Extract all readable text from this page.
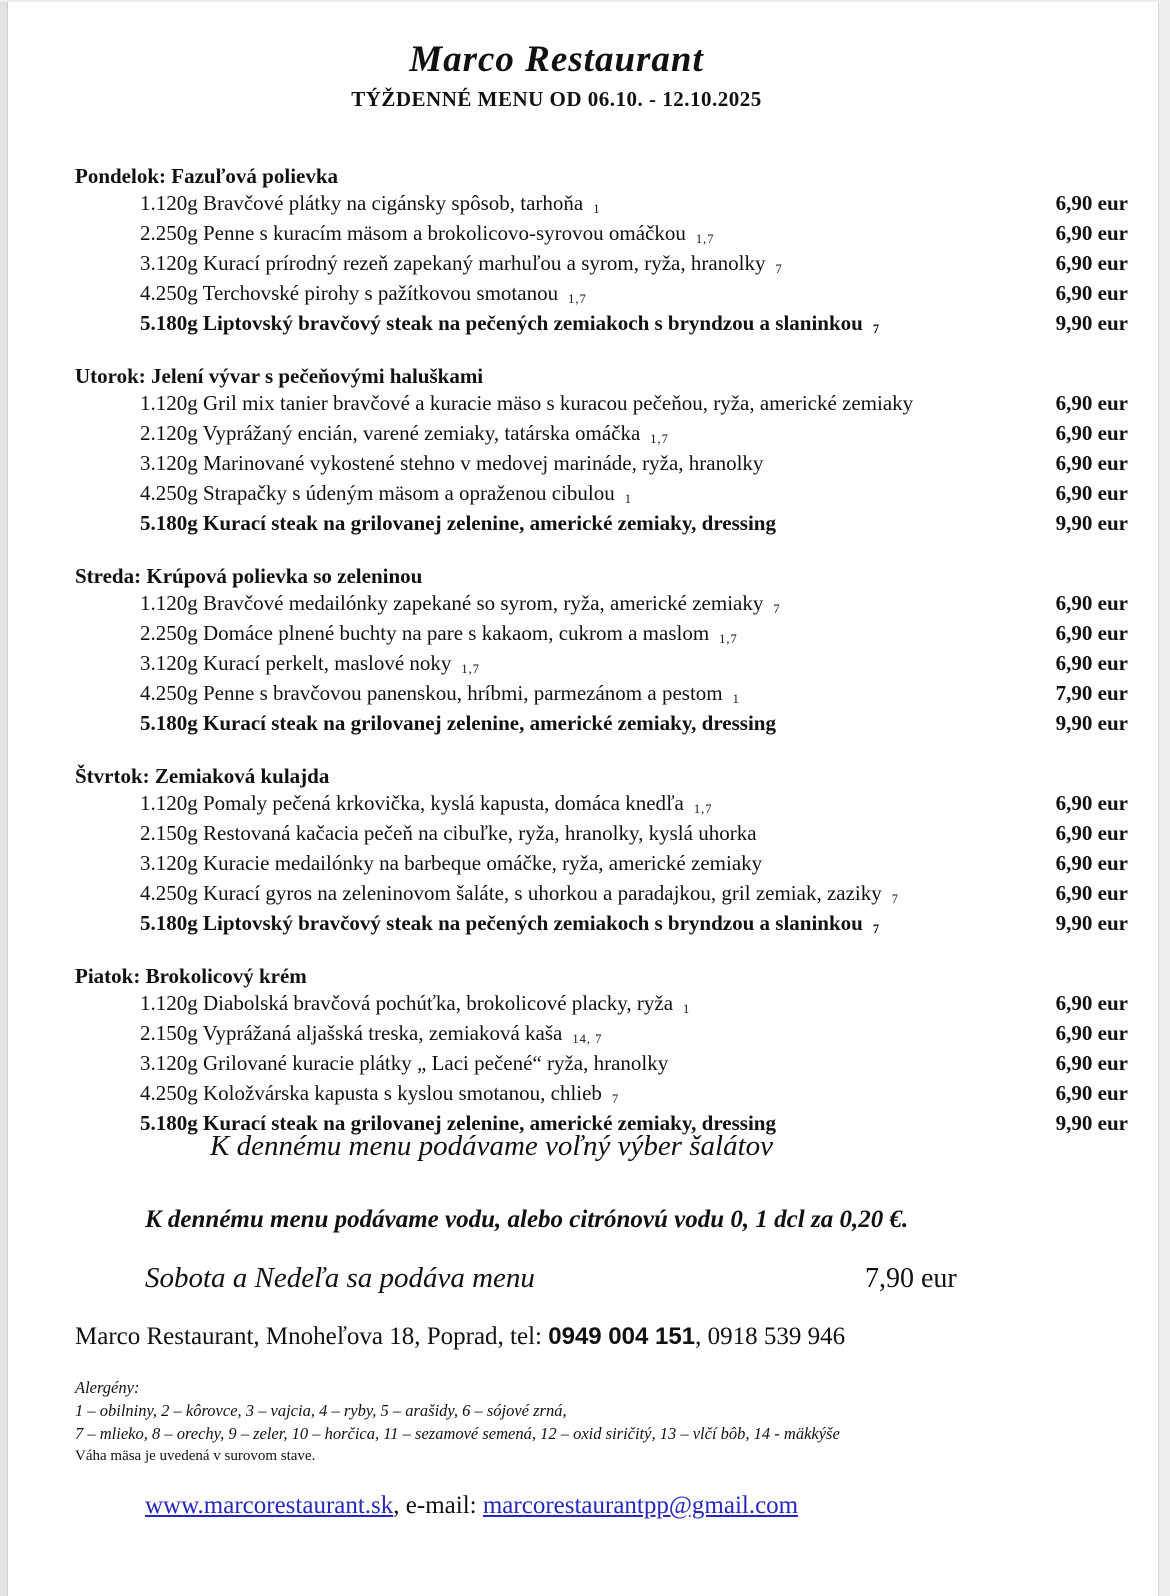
Marco Restaurant
TÝŽDENNÉ MENU OD 06.10. - 12.10.2025
Pondelok: Fazuľová polievka
1.120g Bravčové plátky na cigánsky spôsob, tarhoňa 1	6,90 eur
2.250g Penne s kuracím mäsom a brokolicovo-syrovou omáčkou 1,7	6,90 eur
3.120g Kurací prírodný rezeň zapekaný marhuľou a syrom, ryža, hranolky 7	6,90 eur
4.250g Terchovské pirohy s pažítkovou smotanou 1,7	6,90 eur
5.180g Liptovský bravčový steak na pečených zemiakoch s bryndzou a slaninkou 7	9,90 eur
Utorok: Jelení vývar s pečeňovými haluškami
1.120g Gril mix tanier bravčové a kuracie mäso s kuracou pečeňou, ryža, americké zemiaky	6,90 eur
2.120g Vyprážaný encián, varené zemiaky, tatárska omáčka 1,7	6,90 eur
3.120g Marinované vykostené stehno v medovej marináde, ryža, hranolky	6,90 eur
4.250g Strapačky s údeným mäsom a opraženou cibulou 1	6,90 eur
5.180g Kurací steak na grilovanej zelenine, americké zemiaky, dressing	9,90 eur
Streda: Krúpová polievka so zeleninou
1.120g Bravčové medailónky zapekané so syrom, ryža, americké zemiaky 7	6,90 eur
2.250g Domáce plnené buchty na pare s kakaom, cukrom a maslom 1,7	6,90 eur
3.120g Kurací perkelt, maslové noky 1,7	6,90 eur
4.250g Penne s bravčovou panenskou, hríbmi, parmezánom a pestom 1	7,90 eur
5.180g Kurací steak na grilovanej zelenine, americké zemiaky, dressing	9,90 eur
Štvrtok: Zemiaková kulajda
1.120g Pomaly pečená krkovička, kyslá kapusta, domáca knedľa 1,7	6,90 eur
2.150g Restovaná kačacia pečeň na cibuľke, ryža, hranolky, kyslá uhorka	6,90 eur
3.120g Kuracie medailónky na barbeque omáčke, ryža, americké zemiaky	6,90 eur
4.250g Kurací gyros na zeleninovom šaláte, s uhorkou a paradajkou, gril zemiak, zaziky 7	6,90 eur
5.180g Liptovský bravčový steak na pečených zemiakoch s bryndzou a slaninkou 7	9,90 eur
Piatok: Brokolicový krém
1.120g Diabolská bravčová pochúťka, brokolicové placky, ryža 1	6,90 eur
2.150g Vyprážaná aljašská treska, zemiaková kaša 14, 7	6,90 eur
3.120g Grilované kuracie plátky „ Laci pečené“ ryža, hranolky	6,90 eur
4.250g Koložvárska kapusta s kyslou smotanou, chlieb 7	6,90 eur
5.180g Kurací steak na grilovanej zelenine, americké zemiaky, dressing	9,90 eur
K dennému menu podávame voľný výber šalátov
K dennému menu podávame vodu, alebo citrónovú vodu 0, 1 dcl za 0,20 €.
Sobota a Nedeľa sa podáva menu	7,90 eur
Marco Restaurant, Mnoheľova 18, Poprad, tel: 0949 004 151, 0918 539 946
Alergény:
1 – obilniny, 2 – kôrovce, 3 – vajcia, 4 – ryby, 5 – arašidy, 6 – sójové zrná,
7 – mlieko, 8 – orechy, 9 – zeler, 10 – horčica, 11 – sezamové semená, 12 – oxid siričitý, 13 – vlčí bôb, 14 - mäkkýše
Váha mäsa je uvedená v surovom stave.
www.marcorestaurant.sk, e-mail: marcorestaurantpp@gmail.com
